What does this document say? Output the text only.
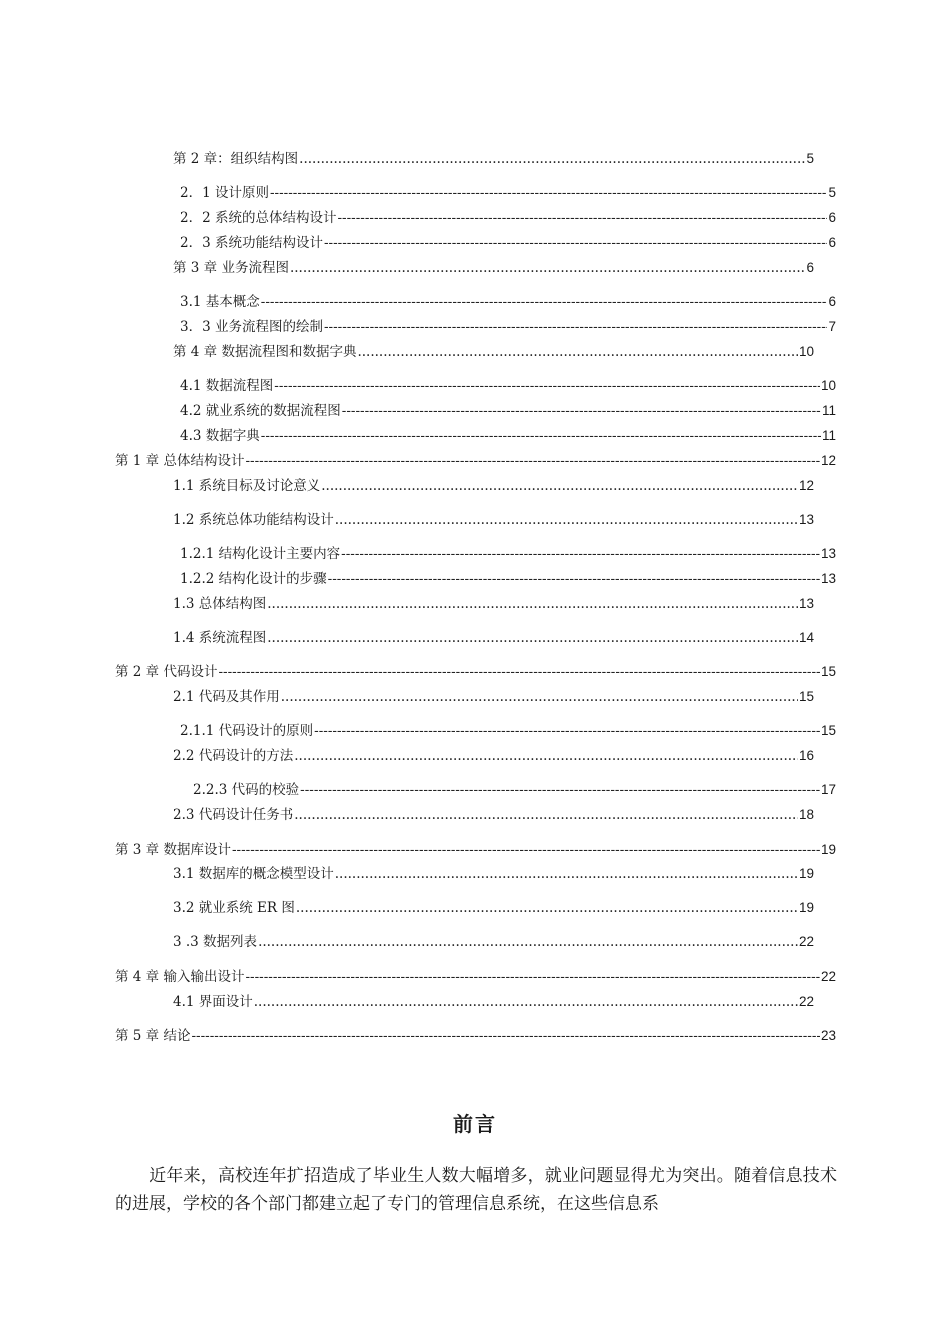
第 2 章：组织结构图 .....	5
2．1 设计原则 -----	5
2．2 系统的总体结构设计 -----	6
2．3 系统功能结构设计 -----	6
第 3 章 业务流程图 .....	6
3.1 基本概念 -----	6
3．3 业务流程图的绘制 -----	7
第 4 章 数据流程图和数据字典 .....	10
4.1 数据流程图 -----	10
4.2 就业系统的数据流程图 -----	11
4.3 数据字典 -----	11
第 1 章 总体结构设计 -----	12
1.1 系统目标及讨论意义 .....	12
1.2 系统总体功能结构设计 .....	13
1.2.1 结构化设计主要内容 -----	13
1.2.2 结构化设计的步骤 -----	13
1.3 总体结构图 .....	13
1.4 系统流程图 .....	14
第 2 章 代码设计 -----	15
2.1 代码及其作用 .....	15
2.1.1 代码设计的原则 -----	15
2.2 代码设计的方法 .....	16
2.2.3 代码的校验 -----	17
2.3 代码设计任务书 .....	18
第 3 章 数据库设计 -----	19
3.1 数据库的概念模型设计 .....	19
3.2 就业系统 ER 图 .....	19
3 .3 数据列表 .....	22
第 4 章 输入输出设计 -----	22
4.1 界面设计 .....	22
第 5 章 结论 -----	23
前言
近年来，高校连年扩招造成了毕业生人数大幅增多，就业问题显得尤为突出。随着信息技术的进展，学校的各个部门都建立起了专门的管理信息系统，在这些信息系
